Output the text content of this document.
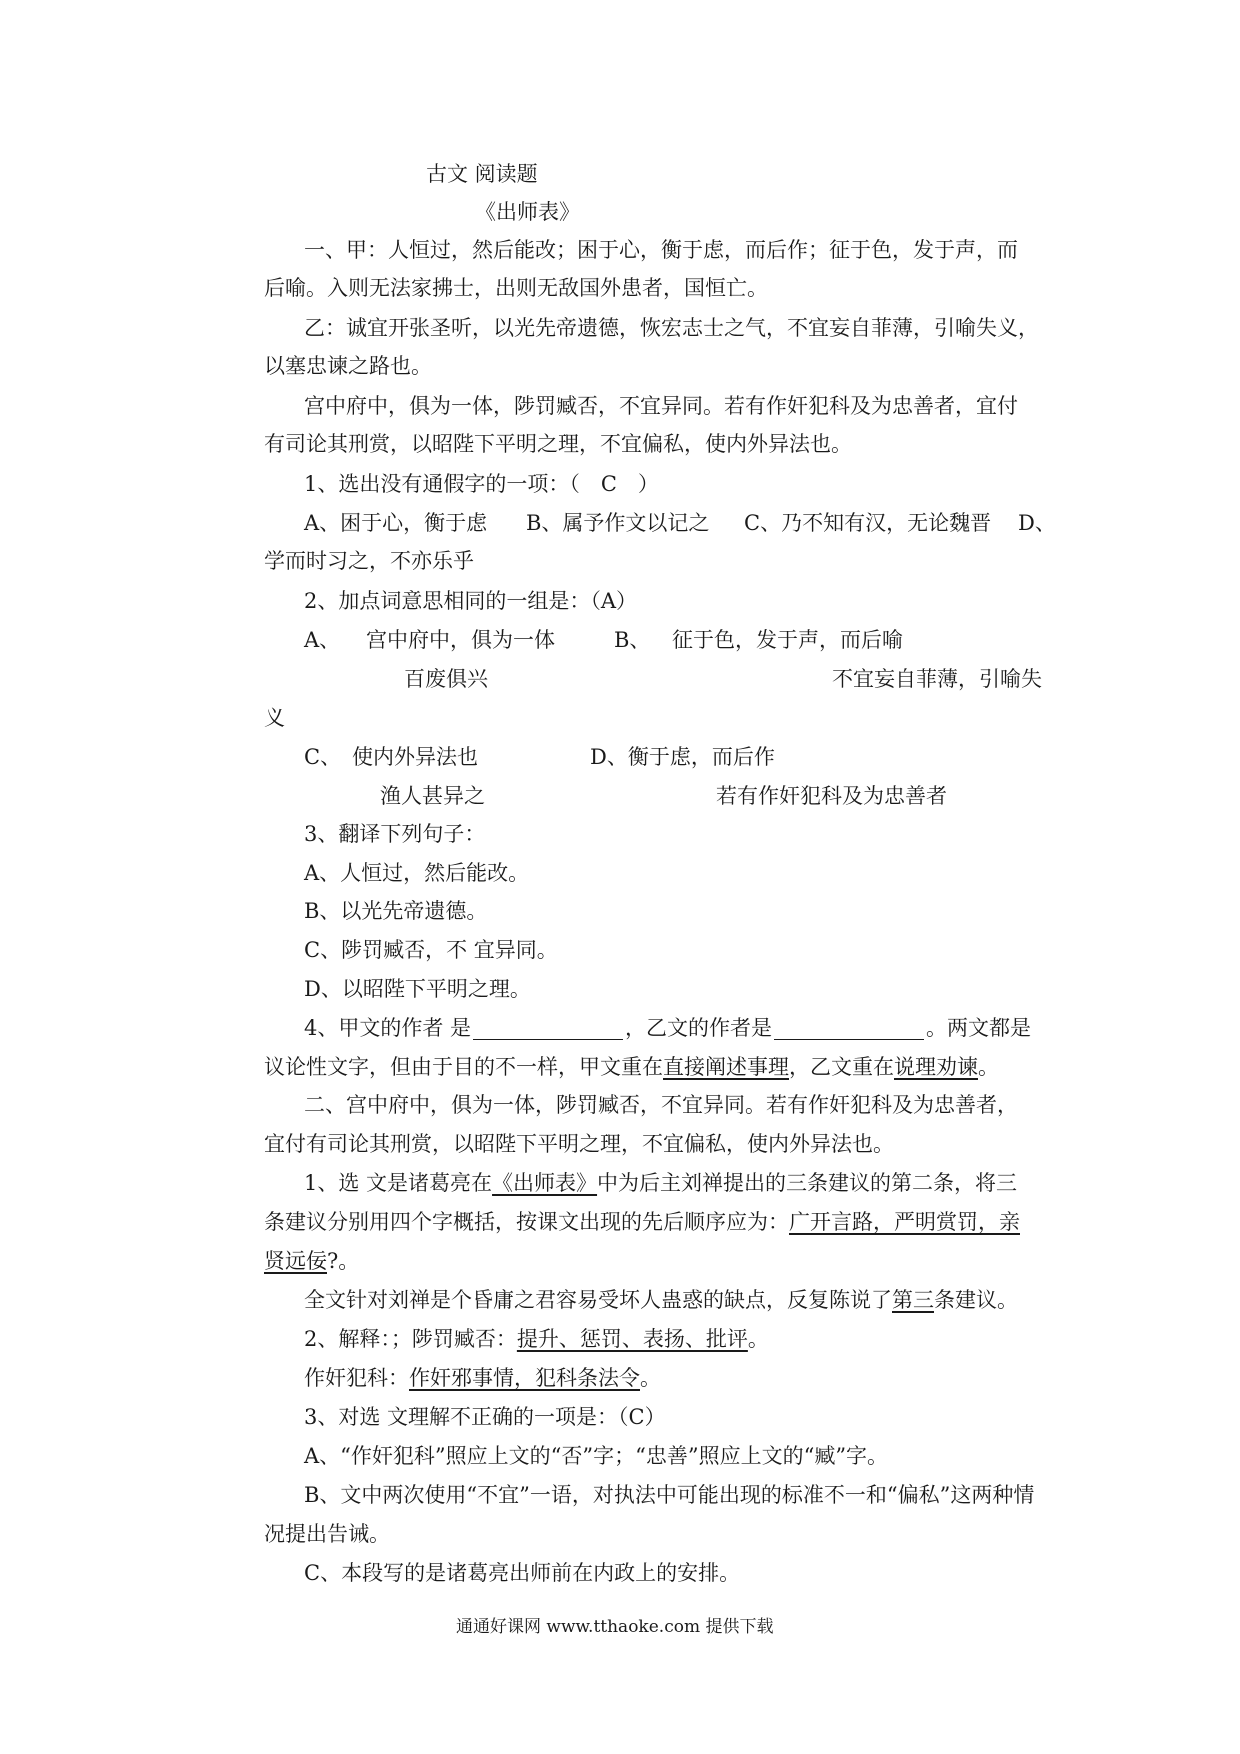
古文 阅读题
《出师表》
一、甲：人恒过，然后能改；困于心，衡于虑，而后作；征于色，发于声，而
后喻。入则无法家拂士，出则无敌国外患者，国恒亡。
乙：诚宜开张圣听，以光先帝遗德，恢宏志士之气，不宜妄自菲薄，引喻失义，
以塞忠谏之路也。
宫中府中，俱为一体，陟罚臧否，不宜异同。若有作奸犯科及为忠善者，宜付
有司论其刑赏，以昭陛下平明之理，不宜偏私，使内外异法也。
1、选出没有通假字的一项：（　C　）
A、困于心，衡于虑 B、属予作文以记之 C、乃不知有汉，无论魏晋 D、
学而时习之，不亦乐乎
2、加点词意思相同的一组是：（A）
A、 宫中府中，俱为一体	B、 征于色，发于声，而后喻
百废俱兴	不宜妄自菲薄，引喻失
义
C、 使内外异法也	D、衡于虑，而后作
渔人甚异之	若有作奸犯科及为忠善者
3、翻译下列句子：
A、人恒过，然后能改。
B、以光先帝遗德。
C、陟罚臧否，不 宜异同。
D、以昭陛下平明之理。
4、甲文的作者 是	，乙文的作者是	。两文都是
议论性文字，但由于目的不一样，甲文重在直接阐述事理，乙文重在说理劝谏。
二、宫中府中，俱为一体，陟罚臧否，不宜异同。若有作奸犯科及为忠善者，
宜付有司论其刑赏，以昭陛下平明之理，不宜偏私，使内外异法也。
1、选 文是诸葛亮在《出师表》中为后主刘禅提出的三条建议的第二条，将三
条建议分别用四个字概括，按课文出现的先后顺序应为：广开言路，严明赏罚，亲
贤远佞?。
全文针对刘禅是个昏庸之君容易受坏人蛊惑的缺点，反复陈说了第三条建议。
2、解释：；陟罚臧否：提升、惩罚、表扬、批评。
作奸犯科：作奸邪事情，犯科条法令。
3、对选 文理解不正确的一项是：（C）
A、“作奸犯科”照应上文的“否”字；“忠善”照应上文的“臧”字。
B、文中两次使用“不宜”一语，对执法中可能出现的标准不一和“偏私”这两种情
况提出告诫。
C、本段写的是诸葛亮出师前在内政上的安排。
通通好课网 www.tthaoke.com 提供下载
